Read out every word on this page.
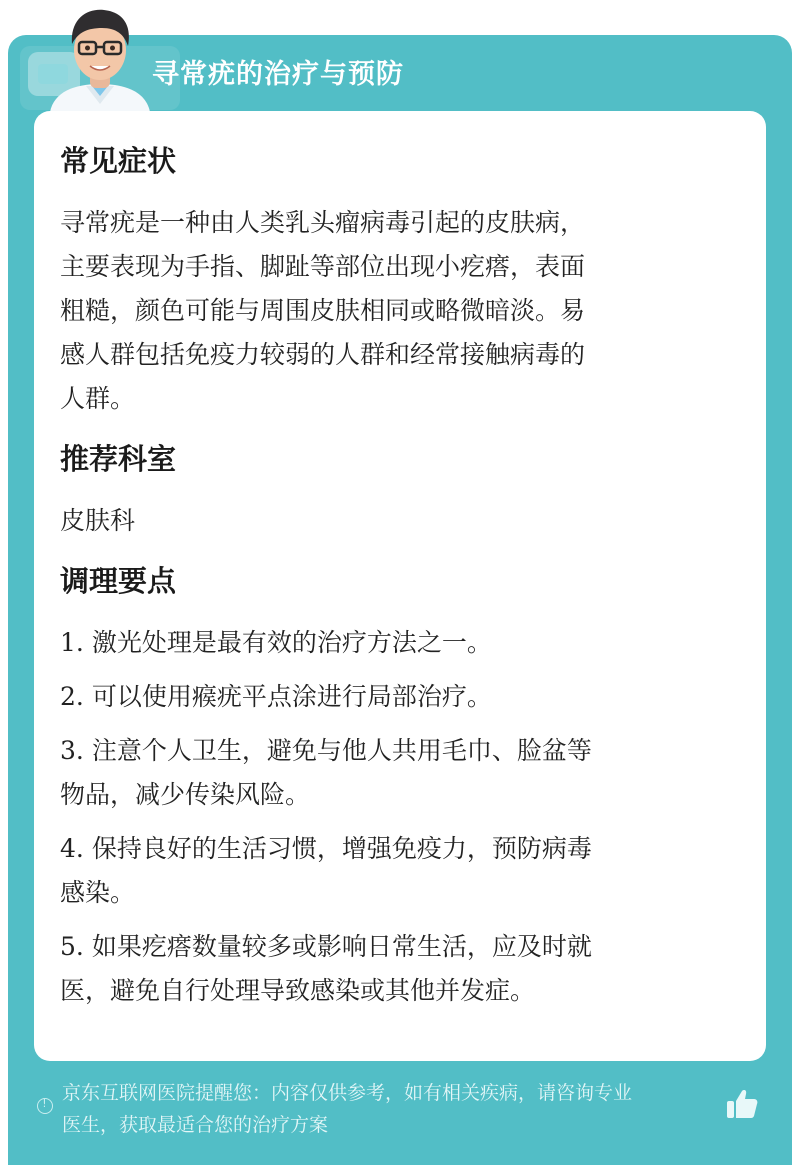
寻常疣的治疗与预防
常见症状

寻常疣是一种由人类乳头瘤病毒引起的皮肤病，

主要表现为手指、脚趾等部位出现小疙瘩，表面

粗糙，颜色可能与周围皮肤相同或略微暗淡。易

感人群包括免疫力较弱的人群和经常接触病毒的

人群。

推荐科室

皮肤科

调理要点
1. 激光处理是最有效的治疗方法之一。
2. 可以使用瘊疣平点涂进行局部治疗。
3. 注意个人卫生，避免与他人共用毛巾、脸盆等
物品，减少传染风险。
4. 保持良好的生活习惯，增强免疫力，预防病毒
感染。
5. 如果疙瘩数量较多或影响日常生活，应及时就
医，避免自行处理导致感染或其他并发症。
!
京东互联网医院提醒您：内容仅供参考，如有相关疾病，请咨询专业
医生，获取最适合您的治疗方案
